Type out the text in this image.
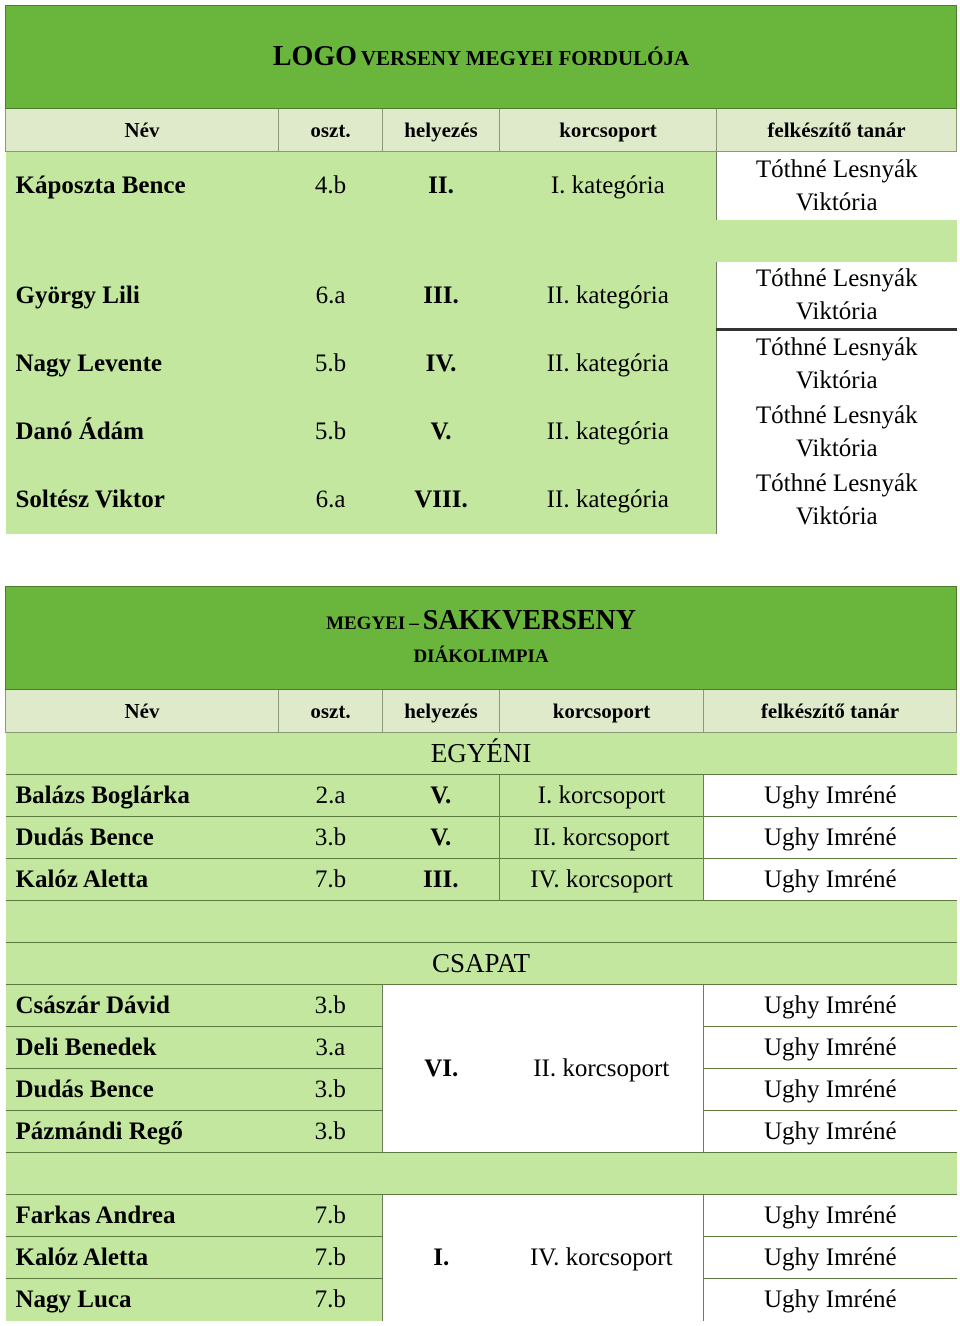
LOGO VERSENY MEGYEI FORDULÓJA				
Név	oszt.	helyezés	korcsoport	felkészítő tanár
Káposzta Bence	4.b	II.	I. kategória	Tóthné Lesnyák Viktória

György Lili	6.a	III.	II. kategória	Tóthné Lesnyák Viktória
Nagy Levente	5.b	IV.	II. kategória	Tóthné Lesnyák Viktória
Danó Ádám	5.b	V.	II. kategória	Tóthné Lesnyák Viktória
Soltész Viktor	6.a	VIII.	II. kategória	Tóthné Lesnyák Viktória
MEGYEI – SAKKVERSENY
DIÁKOLIMPIA				

Név	oszt.	helyezés	korcsoport	felkészítő tanár
EGYÉNI				
Balázs Boglárka	2.a	V.	I. korcsoport	Ughy Imréné
Dudás Bence	3.b	V.	II. korcsoport	Ughy Imréné
Kalóz Aletta	7.b	III.	IV. korcsoport	Ughy Imréné

CSAPAT				
Császár Dávid	3.b	VI.	II. korcsoport	Ughy Imréné
Deli Benedek	3.a			Ughy Imréné
Dudás Bence	3.b			Ughy Imréné
Pázmándi Regő	3.b			Ughy Imréné

Farkas Andrea	7.b	I.	IV. korcsoport	Ughy Imréné
Kalóz Aletta	7.b			Ughy Imréné
Nagy Luca	7.b			Ughy Imréné
